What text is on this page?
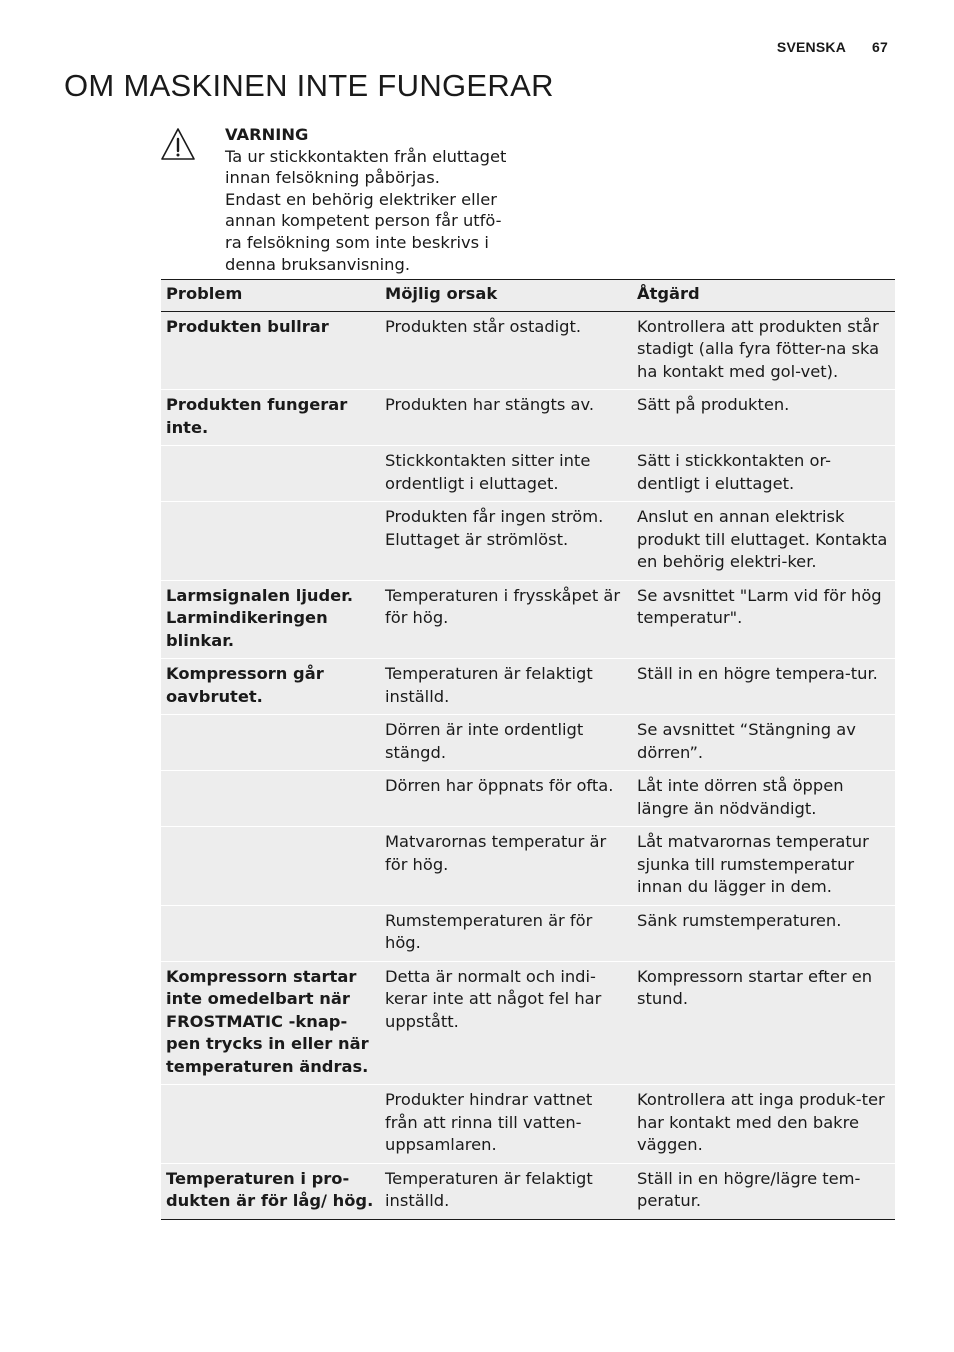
SVENSKA 67
OM MASKINEN INTE FUNGERAR

VARNING

Ta ur stickkontakten från eluttaget

innan felsökning påbörjas.

Endast en behörig elektriker eller

annan kompetent person får utfö-

ra felsökning som inte beskrivs i

denna bruksanvisning.

Problem	Möjlig orsak	Åtgärd
Produkten bullrar	Produkten står ostadigt.	Kontrollera att produkten står stadigt (alla fyra fötter-na ska ha kontakt med gol-vet).
Produkten fungerar inte.	Produkten har stängts av.	Sätt på produkten.
	Stickkontakten sitter inte ordentligt i eluttaget.	Sätt i stickkontakten or-dentligt i eluttaget.
	Produkten får ingen ström. Eluttaget är strömlöst.	Anslut en annan elektrisk produkt till eluttaget. Kontakta en behörig elektri-ker.
Larmsignalen ljuder. Larmindikeringen blinkar.	Temperaturen i frysskåpet är för hög.	Se avsnittet "Larm vid för hög temperatur".
Kompressorn går oavbrutet.	Temperaturen är felaktigt inställd.	Ställ in en högre tempera-tur.
	Dörren är inte ordentligt stängd.	Se avsnittet “Stängning av dörren”.
	Dörren har öppnats för ofta.	Låt inte dörren stå öppen längre än nödvändigt.
	Matvarornas temperatur är för hög.	Låt matvarornas temperatur sjunka till rumstemperatur innan du lägger in dem.
	Rumstemperaturen är för hög.	Sänk rumstemperaturen.
Kompressorn startar inte omedelbart när FROSTMATIC -knap-pen trycks in eller när temperaturen ändras.	Detta är normalt och indi-kerar inte att något fel har uppstått.	Kompressorn startar efter en stund.
	Produkter hindrar vattnet från att rinna till vatten-uppsamlaren.	Kontrollera att inga produk-ter har kontakt med den bakre väggen.
Temperaturen i pro-dukten är för låg/ hög.	Temperaturen är felaktigt inställd.	Ställ in en högre/lägre tem-peratur.
